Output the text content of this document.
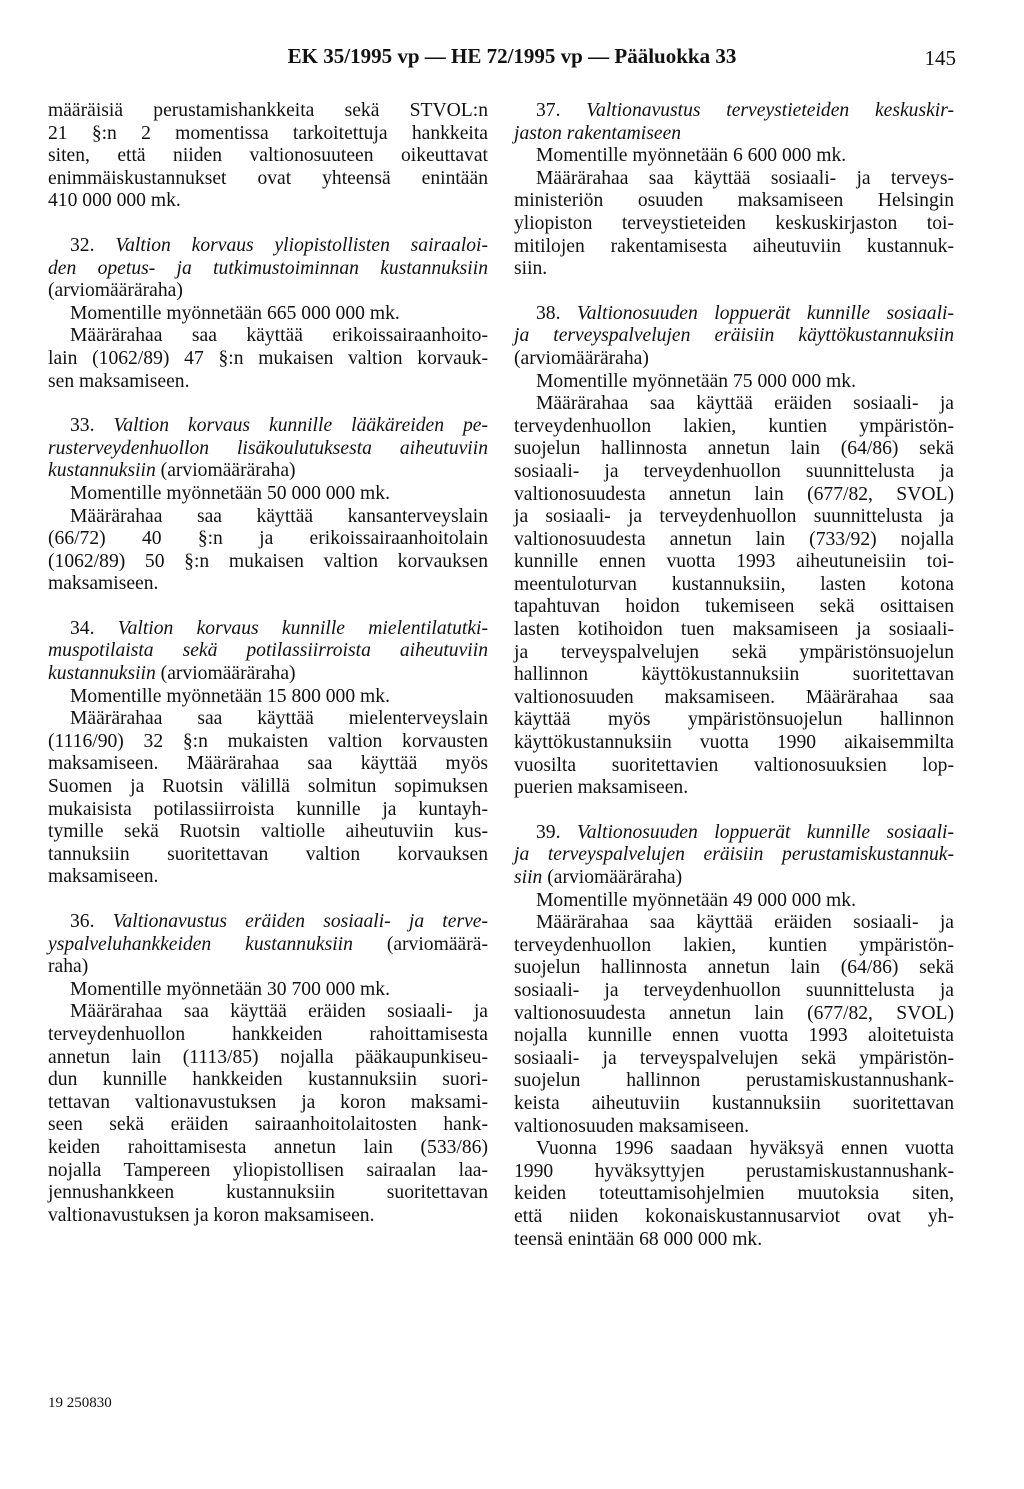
EK 35/1995 vp — HE 72/1995 vp — Pääluokka 33	145
määräisiä perustamishankkeita sekä STVOL:n
21 §:n 2 momentissa tarkoitettuja hankkeita
siten, että niiden valtionosuuteen oikeuttavat
enimmäiskustannukset ovat yhteensä enintään
410 000 000 mk.
32. Valtion korvaus yliopistollisten sairaaloi-
den opetus- ja tutkimustoiminnan kustannuksiin
(arviomääräraha)
Momentille myönnetään 665 000 000 mk.
Määrärahaa saa käyttää erikoissairaanhoito-
lain (1062/89) 47 §:n mukaisen valtion korvauk-
sen maksamiseen.
33. Valtion korvaus kunnille lääkäreiden pe-
rusterveydenhuollon lisäkoulutuksesta aiheutuviin
kustannuksiin (arviomääräraha)
Momentille myönnetään 50 000 000 mk.
Määrärahaa saa käyttää kansanterveyslain
(66/72) 40 §:n ja erikoissairaanhoitolain
(1062/89) 50 §:n mukaisen valtion korvauksen
maksamiseen.
34. Valtion korvaus kunnille mielentilatutki-
muspotilaista sekä potilassiirroista aiheutuviin
kustannuksiin (arviomääräraha)
Momentille myönnetään 15 800 000 mk.
Määrärahaa saa käyttää mielenterveyslain
(1116/90) 32 §:n mukaisten valtion korvausten
maksamiseen. Määrärahaa saa käyttää myös
Suomen ja Ruotsin välillä solmitun sopimuksen
mukaisista potilassiirroista kunnille ja kuntayh-
tymille sekä Ruotsin valtiolle aiheutuviin kus-
tannuksiin suoritettavan valtion korvauksen
maksamiseen.
36. Valtionavustus eräiden sosiaali- ja terve-
yspalveluhankkeiden kustannuksiin (arviomäärä-
raha)
Momentille myönnetään 30 700 000 mk.
Määrärahaa saa käyttää eräiden sosiaali- ja
terveydenhuollon hankkeiden rahoittamisesta
annetun lain (1113/85) nojalla pääkaupunkiseu-
dun kunnille hankkeiden kustannuksiin suori-
tettavan valtionavustuksen ja koron maksami-
seen sekä eräiden sairaanhoitolaitosten hank-
keiden rahoittamisesta annetun lain (533/86)
nojalla Tampereen yliopistollisen sairaalan laa-
jennushankkeen kustannuksiin suoritettavan
valtionavustuksen ja koron maksamiseen.
37. Valtionavustus terveystieteiden keskuskir-
jaston rakentamiseen
Momentille myönnetään 6 600 000 mk.
Määrärahaa saa käyttää sosiaali- ja terveys-
ministeriön osuuden maksamiseen Helsingin
yliopiston terveystieteiden keskuskirjaston toi-
mitilojen rakentamisesta aiheutuviin kustannuk-
siin.
38. Valtionosuuden loppuerät kunnille sosiaali-
ja terveyspalvelujen eräisiin käyttökustannuksiin
(arviomääräraha)
Momentille myönnetään 75 000 000 mk.
Määrärahaa saa käyttää eräiden sosiaali- ja
terveydenhuollon lakien, kuntien ympäristön-
suojelun hallinnosta annetun lain (64/86) sekä
sosiaali- ja terveydenhuollon suunnittelusta ja
valtionosuudesta annetun lain (677/82, SVOL)
ja sosiaali- ja terveydenhuollon suunnittelusta ja
valtionosuudesta annetun lain (733/92) nojalla
kunnille ennen vuotta 1993 aiheutuneisiin toi-
meentuloturvan kustannuksiin, lasten kotona
tapahtuvan hoidon tukemiseen sekä osittaisen
lasten kotihoidon tuen maksamiseen ja sosiaali-
ja terveyspalvelujen sekä ympäristönsuojelun
hallinnon käyttökustannuksiin suoritettavan
valtionosuuden maksamiseen. Määrärahaa saa
käyttää myös ympäristönsuojelun hallinnon
käyttökustannuksiin vuotta 1990 aikaisemmilta
vuosilta suoritettavien valtionosuuksien lop-
puerien maksamiseen.
39. Valtionosuuden loppuerät kunnille sosiaali-
ja terveyspalvelujen eräisiin perustamiskustannuk-
siin (arviomääräraha)
Momentille myönnetään 49 000 000 mk.
Määrärahaa saa käyttää eräiden sosiaali- ja
terveydenhuollon lakien, kuntien ympäristön-
suojelun hallinnosta annetun lain (64/86) sekä
sosiaali- ja terveydenhuollon suunnittelusta ja
valtionosuudesta annetun lain (677/82, SVOL)
nojalla kunnille ennen vuotta 1993 aloitetuista
sosiaali- ja terveyspalvelujen sekä ympäristön-
suojelun hallinnon perustamiskustannushank-
keista aiheutuviin kustannuksiin suoritettavan
valtionosuuden maksamiseen.
Vuonna 1996 saadaan hyväksyä ennen vuotta
1990 hyväksyttyjen perustamiskustannushank-
keiden toteuttamisohjelmien muutoksia siten,
että niiden kokonaiskustannusarviot ovat yh-
teensä enintään 68 000 000 mk.
19 250830
